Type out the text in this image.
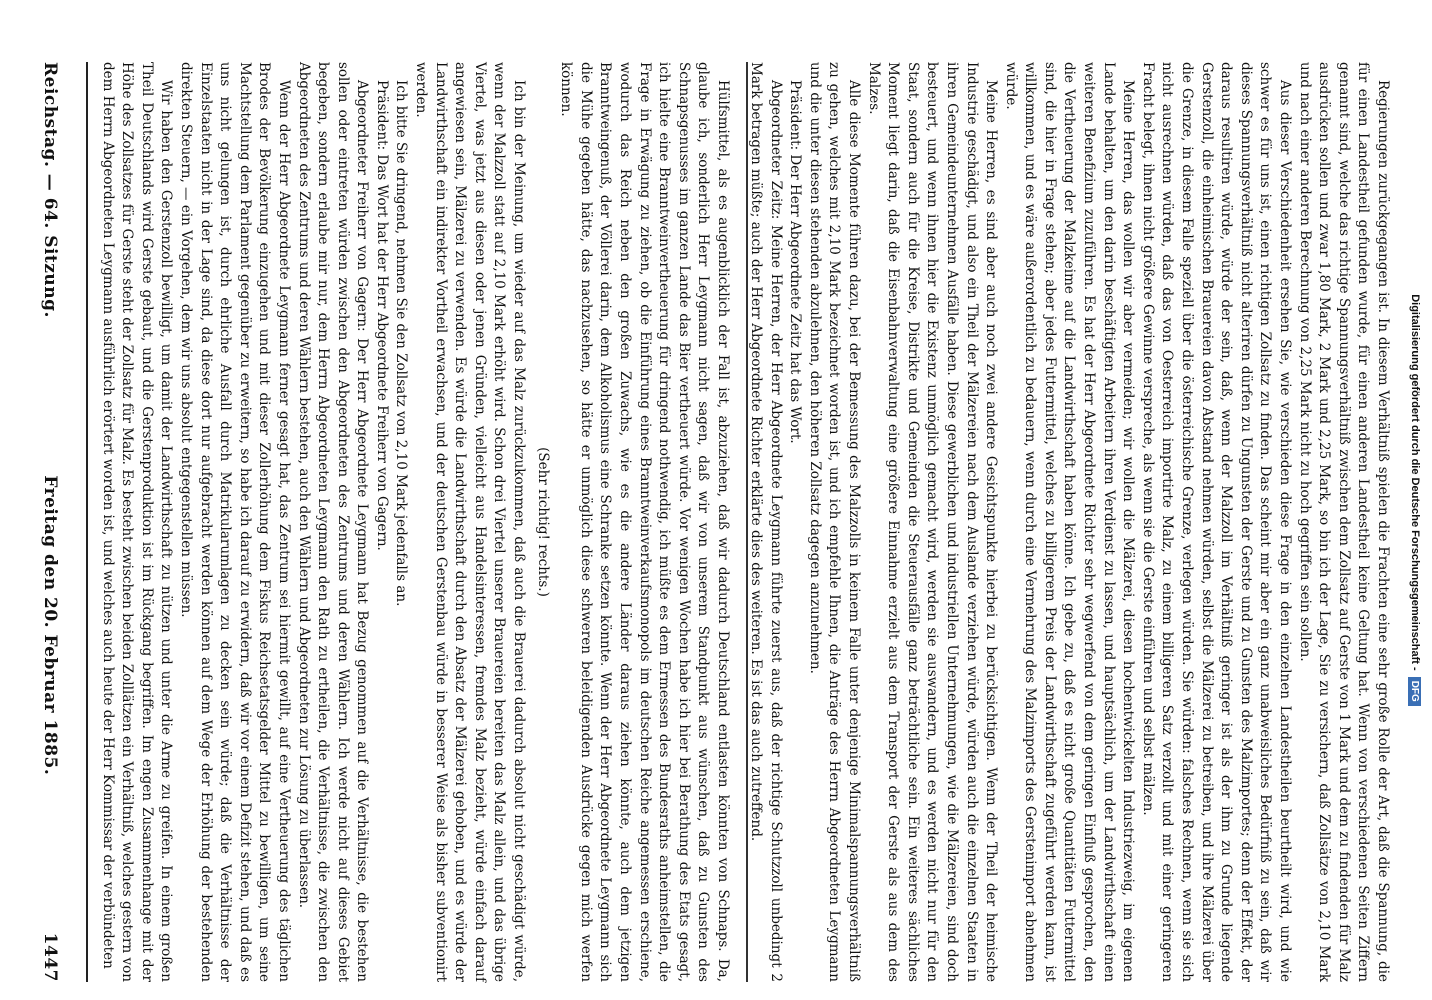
Reichstag. — 64. Sitzung.
Freitag den 20. Februar 1885.
1447	Hülfsmittel, als es augenblicklich der Fall ist, abzuziehen, daß wir dadurch Deutschland entlasten könnten von Schnaps. Da, glaube ich, sonderlich Herr Leygmann nicht sagen, daß wir von unserem Standpunkt aus wünschen, daß zu Gunsten des Schnapsgenusses im ganzen Lande das Bier vertheuert würde. Vor wenigen Wochen habe ich hier bei Berathung des Etats gesagt, ich hielte eine Branntweinvertheuerung für dringend nothwendig, ich müßte es dem Ermessen des Bundesraths anheimstellen, die Frage in Erwägung zu ziehen, ob die Einführung eines Branntweinverkaufsmonopols im deutschen Reiche angemessen erschiene, wodurch das Reich neben den großen Zuwachs, wie es die andere Länder daraus ziehen könnte, auch dem jetzigen Branntweingenuß, der Völlerei darin, dem Alkoholismus eine Schranke setzen könnte. Wenn der Herr Abgeordnete Leygmann sich die Mühe gegeben hätte, das nachzusehen, so hätte er unmöglich diese schweren beleidigenden Ausdrücke gegen mich werfen können.

(Sehr richtig! rechts.)

Ich bin der Meinung, um wieder auf das Malz zurückzukommen, daß auch die Brauerei dadurch absolut nicht geschädigt würde, wenn der Malzzoll statt auf 2,10 Mark erhöht wird. Schon drei Viertel unserer Brauereien bereiten das Malz allein, und das übrige Viertel, was jetzt aus diesen oder jenen Gründen, vielleicht aus Handelsinteressen, fremdes Malz bezieht, würde einfach darauf angewiesen sein, Mälzerei zu verwenden. Es würde die Landwirthschaft durch den Absatz der Mälzerei gehoben, und es würde der Landwirthschaft ein indirekter Vortheil erwachsen, und der deutschen Gerstenbau würde in besserer Weise als bisher subventionirt werden.

Ich bitte Sie dringend, nehmen Sie den Zollsatz von 2,10 Mark jedenfalls an.

Präsident: Das Wort hat der Herr Abgeordnete Freiherr von Gagern.

Abgeordneter Freiherr von Gagern: Der Herr Abgeordnete Leygmann hat Bezug genommen auf die Verhältnisse, die bestehen sollen oder eintreten würden zwischen den Abgeordneten des Zentrums und deren Wählern. Ich werde nicht auf dieses Gebiet begeben, sondern erlaube mir nur, dem Herrn Abgeordneten Leygmann den Rath zu ertheilen, die Verhältnisse, die zwischen den Abgeordneten des Zentrums und deren Wählern bestehen, auch den Wählern und Abgeordneten zur Lösung zu überlassen.

Wenn der Herr Abgeordnete Leygmann ferner gesagt hat, das Zentrum sei hiermit gewillt, auf eine Vertheuerung des täglichen Brodes der Bevölkerung einzugehen und mit dieser Zollerhöhung dem Fiskus Reichsetatsgelder Mittel zu bewilligen, um seine Machtstellung dem Parlament gegenüber zu erweitern, so habe ich darauf zu erwidern, daß wir vor einem Defizit stehen, und daß es uns nicht gelungen ist, durch ehrliche Ausfall durch Matrikularumlagen zu decken sein würde; daß die Verhältnisse der Einzelstaaten nicht in der Lage sind, da diese dort nur aufgebracht werden können auf dem Wege der Erhöhung der bestehenden direkten Steuern, — ein Vorgehen, dem wir uns absolut entgegenstellen müssen.

Wir haben den Gerstenzoll bewilligt, um damit der Landwirthschaft zu nützen und unter die Arme zu greifen. In einem großen Theil Deutschlands wird Gerste gebaut, und die Gerstenproduktion ist im Rückgang begriffen. Im engen Zusammenhange mit der Höhe des Zollsatzes für Gerste steht der Zollsatz für Malz. Es besteht zwischen beiden Zolllätzen ein Verhältniß, welches gestern von dem Herrn Abgeordneten Leygmann ausführlich erörtert worden ist, und welches auch heute der Herr Kommissar der verbündeten	Regierungen zurückgegangen ist. In diesem Verhältniß spielen die Frachten eine sehr große Rolle der Art, daß die Spannung, die für einen Landestheil gefunden wurde, für einen anderen Landestheil keine Geltung hat. Wenn von verschiedenen Seiten Ziffern genannt sind, welche das richtige Spannungsverhältniß zwischen dem Zollsatz auf Gerste von 1 Mark und dem zu findenden für Malz ausdrücken sollen und zwar 1,80 Mark, 2 Mark und 2,25 Mark, so bin ich der Lage, Sie zu versichern, daß Zollsätze von 2,10 Mark und nach einer anderen Berechnung von 2,25 Mark nicht zu hoch gegriffen sein sollen.

Aus dieser Verschiedenheit ersehen Sie, wie verschieden diese Frage in den einzelnen Landestheilen beurtheilt wird, und wie schwer es für uns ist, einen richtigen Zollsatz zu finden. Das scheint mir aber ein ganz unabweisliches Bedürfniß zu sein, daß wir dieses Spannungsverhältniß nicht alteriren dürfen zu Ungunsten der Gerste und zu Gunsten des Malzimportes; denn der Effekt, der daraus resultiren würde, würde der sein, daß, wenn der Malzzoll im Verhältniß geringer ist als der ihm zu Grunde liegende Gerstenzoll, die einheimischen Brauereien davon Abstand nehmen würden, selbst die Mälzerei zu betreiben, und ihre Mälzerei über die Grenze, in diesem Falle speziell über die österreichische Grenze, verlegen würden. Sie würden: falsches Rechnen, wenn sie sich nicht ausrechnen würden, daß das von Oesterreich importirte Malz, zu einem billigeren Satz verzollt und mit einer geringeren Fracht belegt, ihnen nicht größere Gewinne verspreche, als wenn sie die Gerste einführen und selbst mälzen.

Meine Herren, das wollen wir aber vermeiden; wir wollen die Mälzerei, diesen hochentwickelten Industriezweig, im eigenen Lande behalten, um den darin beschäftigten Arbeitern ihren Verdienst zu lassen, und hauptsächlich, um der Landwirthschaft einen weiteren Benefizium zuzuführen. Es hat der Herr Abgeordnete Richter sehr wegwerfend von dem geringen Einfluß gesprochen, den die Vertheuerung der Malzkeime auf die Landwirthschaft haben könne. Ich gebe zu, daß es nicht große Quantitäten Futtermittel sind, die hier in Frage stehen; aber jedes Futtermittel, welches zu billigerem Preis der Landwirthschaft zugeführt werden kann, ist willkommen, und es wäre außerordentlich zu bedauern, wenn durch eine Vermehrung des Malzimports des Gerstenimport abnehmen würde.

Meine Herren, es sind aber auch noch zwei andere Gesichtspunkte hierbei zu berücksichtigen. Wenn der Theil der heimische Industrie geschädigt, und also ein Theil der Mälzereien nach dem Auslande verziehen würde, würden auch die einzelnen Staaten in ihren Gemeindeunternehmen Ausfälle haben. Diese gewerblichen und industriellen Unternehmungen, wie die Mälzereien, sind doch besteuert, und wenn ihnen hier die Existenz unmöglich gemacht wird, werden sie auswandern, und es werden nicht nur für den Staat, sondern auch für die Kreise, Distrikte und Gemeinden die Steuerausfälle ganz beträchtliche sein. Ein weiteres sächliches Moment liegt darin, daß die Eisenbahnverwaltung eine größere Einnahme erzielt aus dem Transport der Gerste als aus dem des Malzes.

Alle diese Momente führen dazu, bei der Bemessung des Malzzolls in keinem Falle unter denjenige Minimalspannungsverhältniß zu gehen, welches mit 2,10 Mark bezeichnet worden ist, und ich empfehle Ihnen, die Anträge des Herrn Abgeordneten Leygmann und die unter diesen stehenden abzulehnen, den höheren Zollsatz dagegen anzunehmen.

Präsident: Der Herr Abgeordnete Zeitz hat das Wort.

Abgeordneter Zeitz: Meine Herren, der Herr Abgeordnete Leygmann führte zuerst aus, daß der richtige Schutzzoll unbedingt 2 Mark betragen müßte; auch der Herr Abgeordnete Richter erklärte dies des weiteren. Es ist das auch zutreffend.	Digitalisierung gefördert durch die Deutsche Forschungsgemeinschaft -
DFG
